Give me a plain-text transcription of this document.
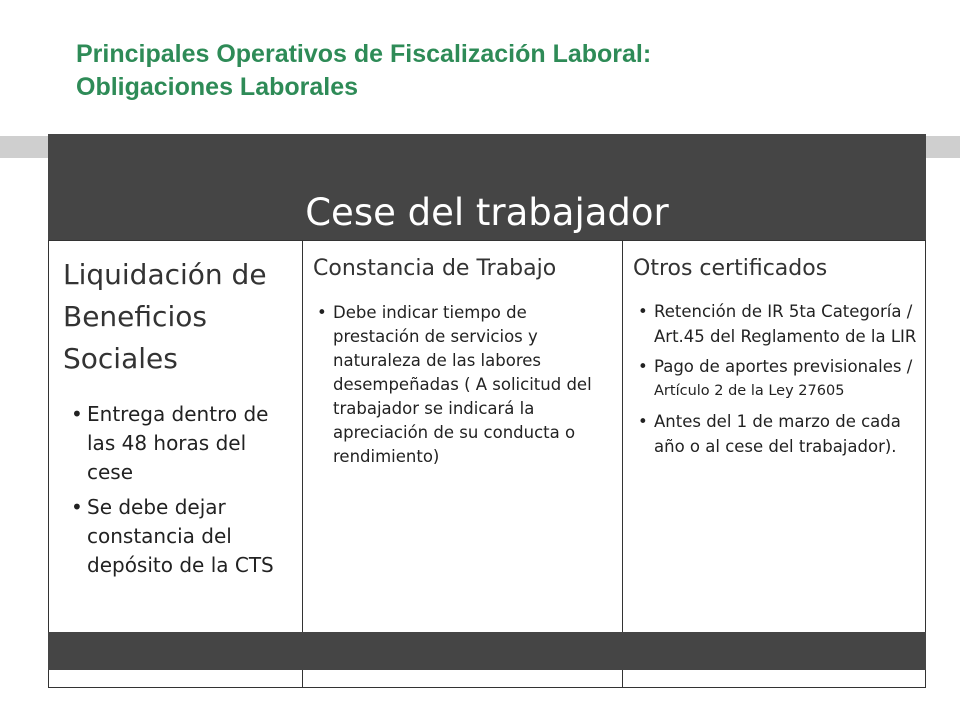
Principales Operativos de Fiscalización Laboral:
Obligaciones Laborales
Cese del trabajador

Liquidación de Beneficios Sociales

• Entrega dentro de las 48 horas del cese
• Se debe dejar constancia del depósito de la CTS

Constancia de Trabajo

• Debe indicar tiempo de prestación de servicios y naturaleza de las labores desempeñadas ( A solicitud del trabajador se indicará la apreciación de su conducta o rendimiento)

Otros certificados

• Retención de IR 5ta Categoría / Art.45 del Reglamento de la LIR
• Pago de aportes previsionales /
Artículo 2 de la Ley 27605
• Antes del 1 de marzo de cada año o al cese del trabajador).
